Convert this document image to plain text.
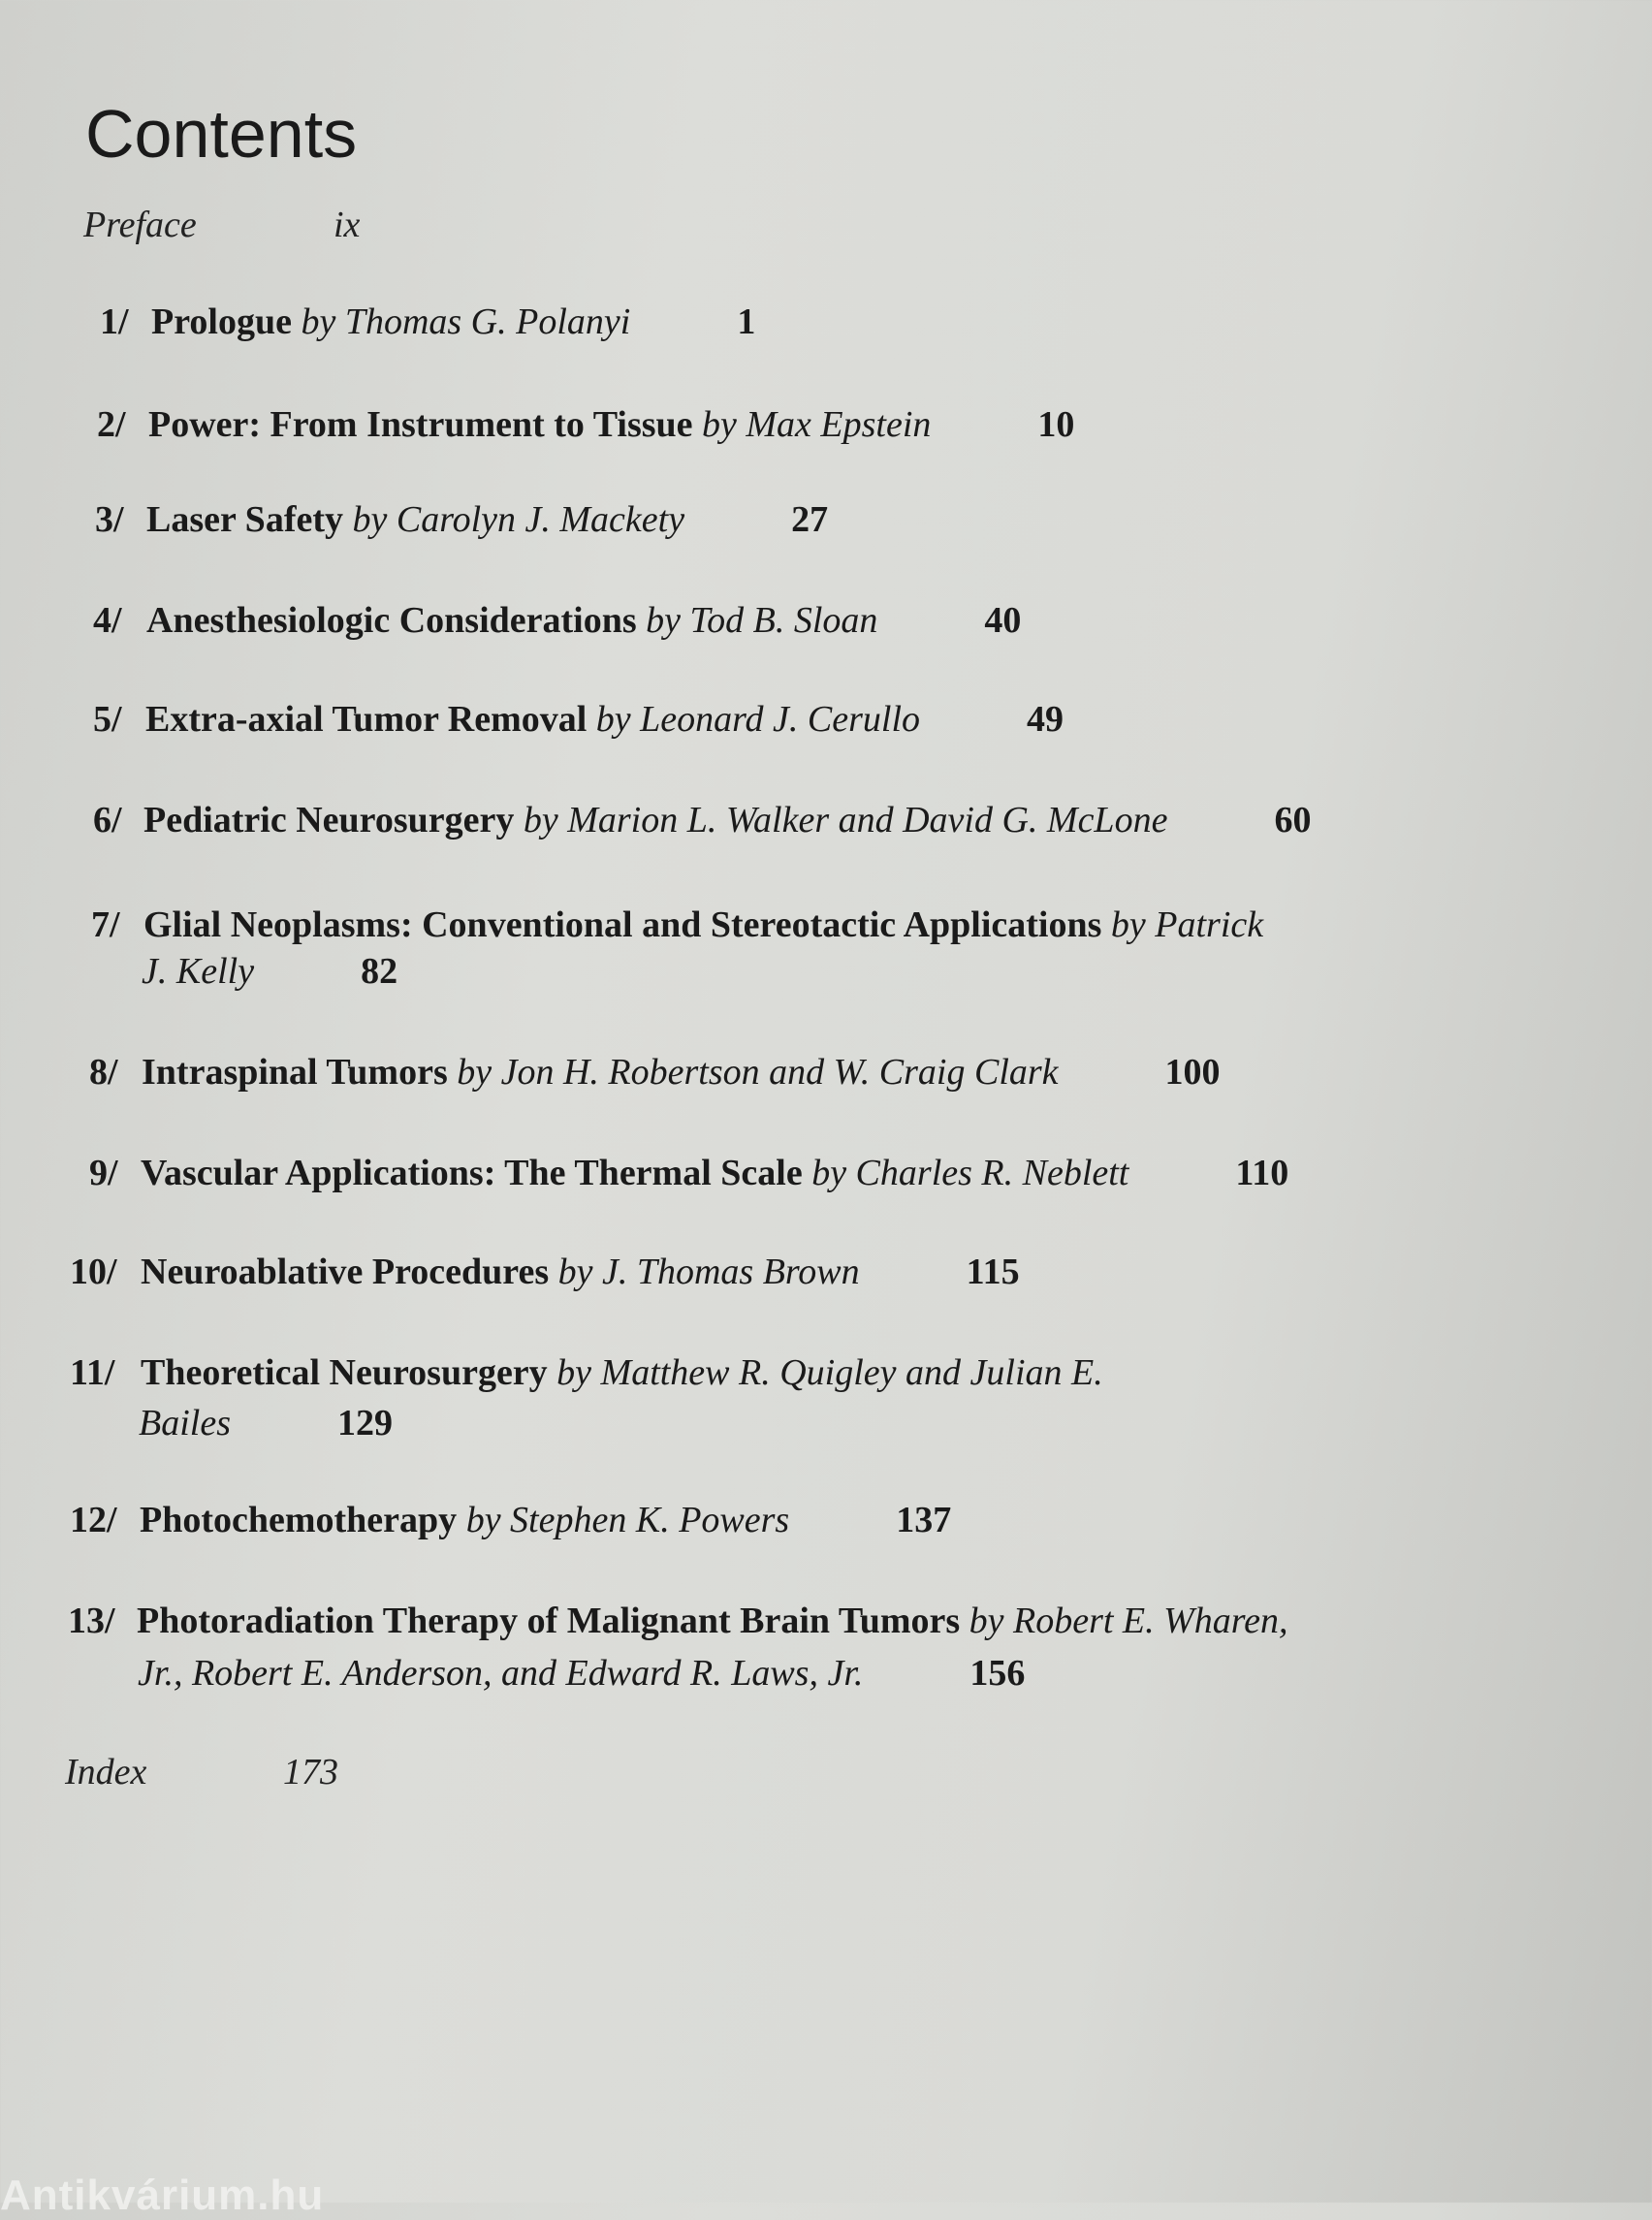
Contents
Preface	ix
1/ Prologue by Thomas G. Polanyi	1
2/ Power: From Instrument to Tissue by Max Epstein	10
3/ Laser Safety by Carolyn J. Mackety	27
4/ Anesthesiologic Considerations by Tod B. Sloan	40
5/ Extra-axial Tumor Removal by Leonard J. Cerullo	49
6/ Pediatric Neurosurgery by Marion L. Walker and David G. McLone	60
7/ Glial Neoplasms: Conventional and Stereotactic Applications by Patrick
J. Kelly	82
8/ Intraspinal Tumors by Jon H. Robertson and W. Craig Clark	100
9/ Vascular Applications: The Thermal Scale by Charles R. Neblett	110
10/ Neuroablative Procedures by J. Thomas Brown	115
11/ Theoretical Neurosurgery by Matthew R. Quigley and Julian E.
Bailes	129
12/ Photochemotherapy by Stephen K. Powers	137
13/ Photoradiation Therapy of Malignant Brain Tumors by Robert E. Wharen,
Jr., Robert E. Anderson, and Edward R. Laws, Jr.	156
Index	173
Antikvárium.hu
